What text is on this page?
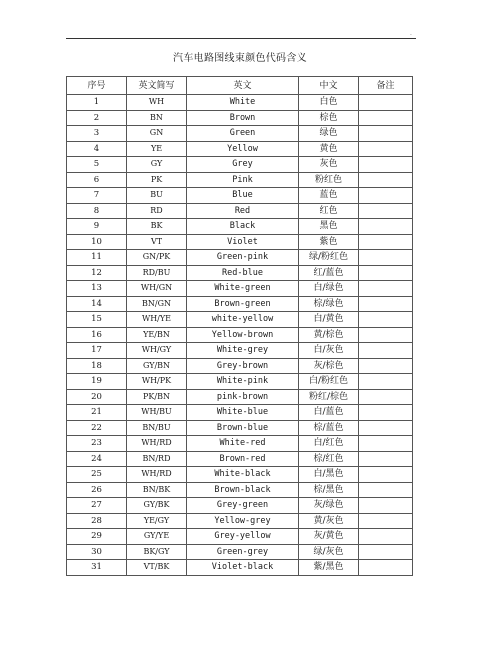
.
汽车电路图线束颜色代码含义
序号	英文简写	英文	中文	备注
1	WH	White	白色	
2	BN	Brown	棕色	
3	GN	Green	绿色	
4	YE	Yellow	黄色	
5	GY	Grey	灰色	
6	PK	Pink	粉红色	
7	BU	Blue	蓝色	
8	RD	Red	红色	
9	BK	Black	黑色	
10	VT	Violet	紫色	
11	GN/PK	Green-pink	绿/粉红色	
12	RD/BU	Red-blue	红/蓝色	
13	WH/GN	White-green	白/绿色	
14	BN/GN	Brown-green	棕/绿色	
15	WH/YE	white-yellow	白/黄色	
16	YE/BN	Yellow-brown	黄/棕色	
17	WH/GY	White-grey	白/灰色	
18	GY/BN	Grey-brown	灰/棕色	
19	WH/PK	White-pink	白/粉红色	
20	PK/BN	pink-brown	粉红/棕色	
21	WH/BU	White-blue	白/蓝色	
22	BN/BU	Brown-blue	棕/蓝色	
23	WH/RD	White-red	白/红色	
24	BN/RD	Brown-red	棕/红色	
25	WH/RD	White-black	白/黑色	
26	BN/BK	Brown-black	棕/黑色	
27	GY/BK	Grey-green	灰/绿色	
28	YE/GY	Yellow-grey	黄/灰色	
29	GY/YE	Grey-yellow	灰/黄色	
30	BK/GY	Green-grey	绿/灰色	
31	VT/BK	Violet-black	紫/黑色	
